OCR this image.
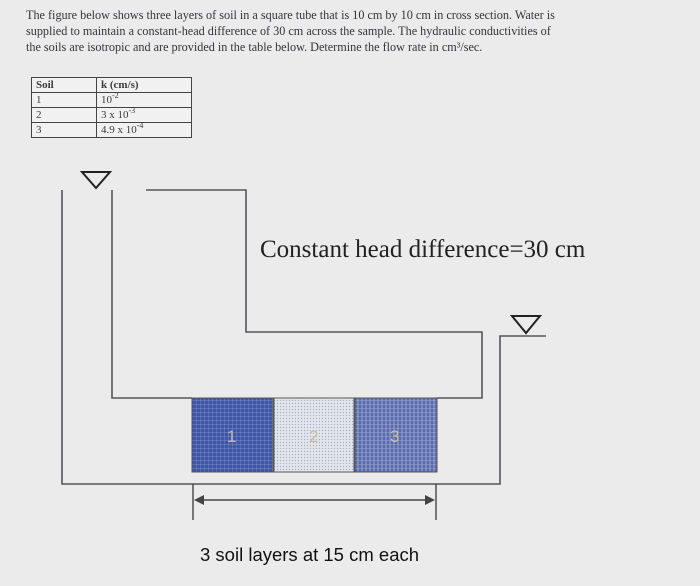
The figure below shows three layers of soil in a square tube that is 10 cm by 10 cm in cross section. Water is

supplied to maintain a constant-head difference of 30 cm across the sample. The hydraulic conductivities of

the soils are isotropic and are provided in the table below. Determine the flow rate in cm³/sec.

Soil	k (cm/s)
1	$10^{-2}$
2	3 x $10^{-3}$
3	4.9 x $10^{-4}$
1	2	3
Constant head difference=30 cm
3 soil layers at 15 cm each
